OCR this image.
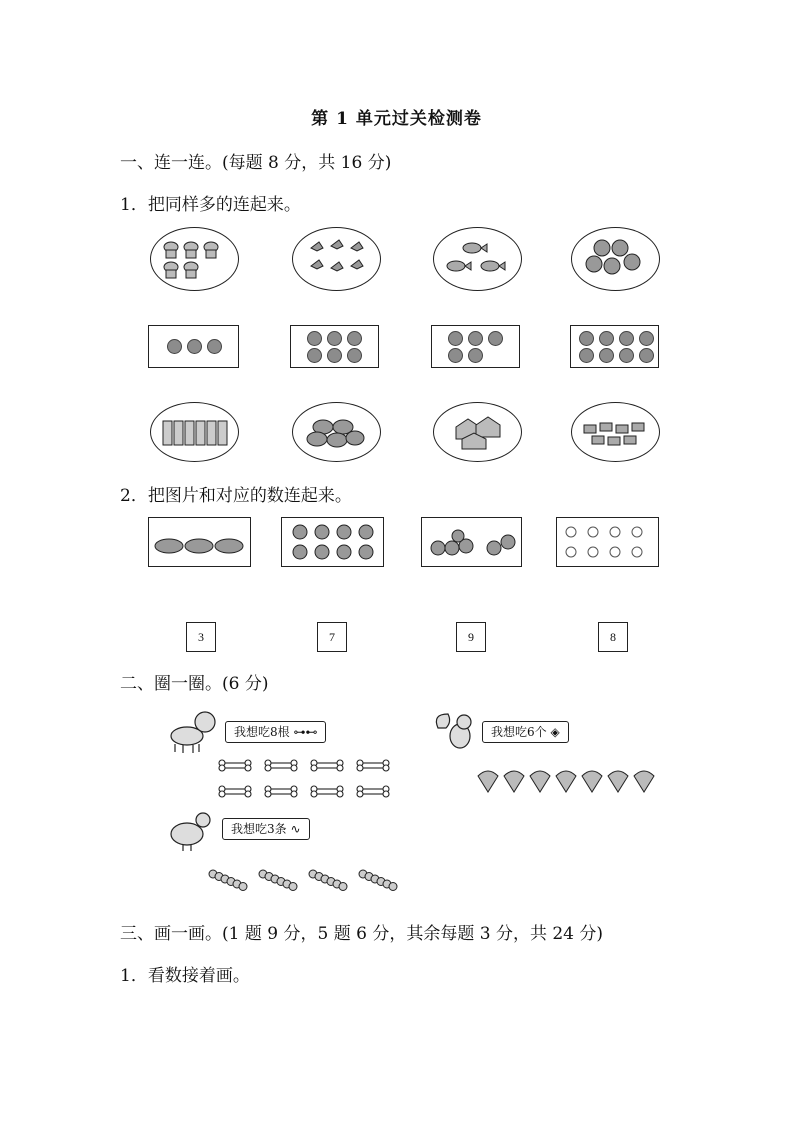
第 1 单元过关检测卷
一、连一连。(每题 8 分，共 16 分)
1．把同样多的连起来。
2．把图片和对应的数连起来。
3	7	9	8
二、圈一圈。(6 分)
我想吃8根 ⊶⊷	我想吃6个 ◈
我想吃3条 ∿
三、画一画。(1 题 9 分，5 题 6 分，其余每题 3 分，共 24 分)
1．看数接着画。
